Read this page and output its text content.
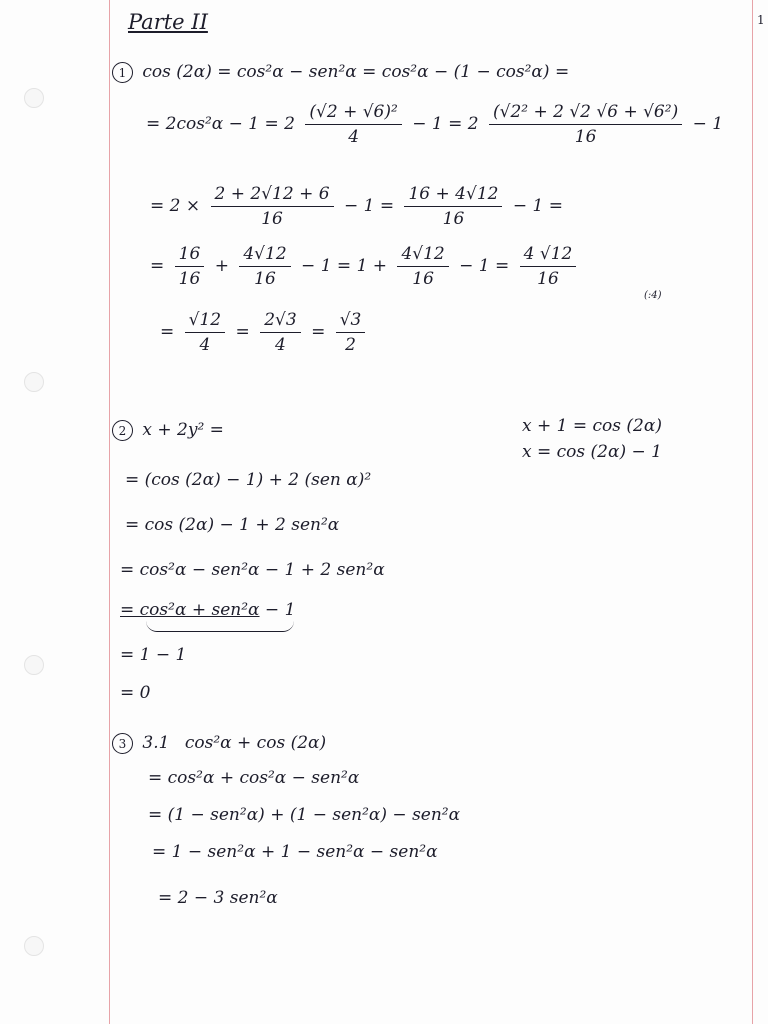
1
Parte II
1 cos (2α) = cos²α − sen²α = cos²α − (1 − cos²α) =
= $2\cos^2\alpha - 1 = 2 \frac{\text{(√2 + √6)²}}{4} - 1 = 2 \frac{\text{(√2² + 2 √2 √6 + √6²)}}{16} - 1$
= $2 \times \frac{2 + 2√12 + 6}{16} - 1 = \frac{16 + 4√12}{16} - 1$ =
= $\frac{16}{16} + \frac{4√12}{16} - 1 = 1 + \frac{4√12}{16} - 1 = \frac{4 √12}{16}$
(:4)
= $\frac{√12}{4} = \frac{2√3}{4} = \frac{√3}{2}$
2 x + 2y² =	x + 1 = cos (2α)
x = cos (2α) − 1
= (cos (2α) − 1) + 2 (sen α)²
= cos (2α) − 1 + 2 sen²α
= cos²α − sen²α − 1 + 2 sen²α
= cos²α + sen²α − 1
= 1 − 1
= 0
3 3.1 cos²α + cos (2α)
= cos²α + cos²α − sen²α
= (1 − sen²α) + (1 − sen²α) − sen²α
= 1 − sen²α + 1 − sen²α − sen²α
= 2 − 3 sen²α
